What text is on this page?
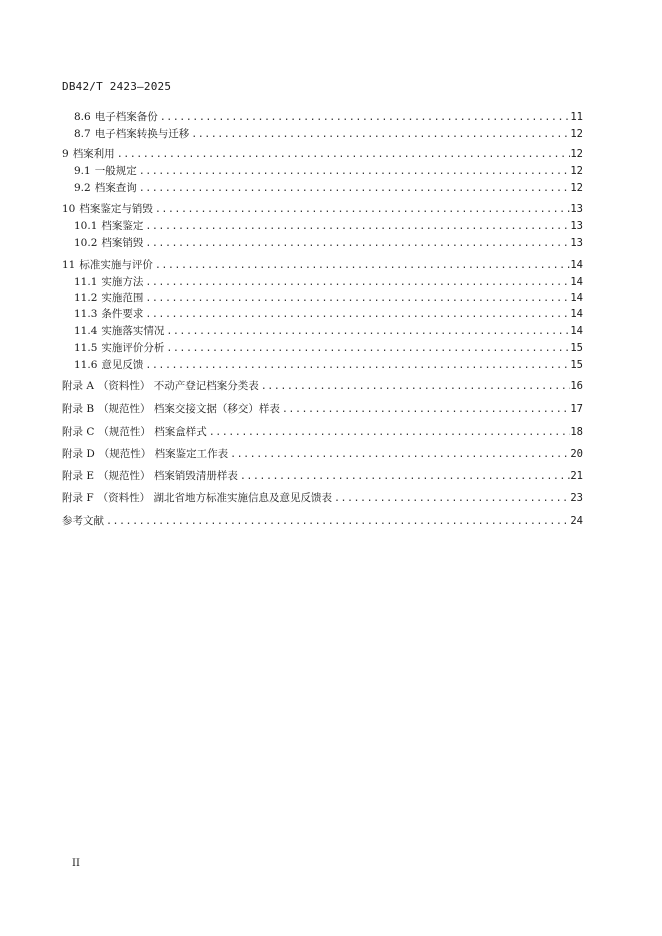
DB42/T 2423—2025
8.6 电子档案备份 .....	11
8.7 电子档案转换与迁移 .....	12
9 档案利用 .....	12
9.1 一般规定 .....	12
9.2 档案查询 .....	12
10 档案鉴定与销毁 .....	13
10.1 档案鉴定 .....	13
10.2 档案销毁 .....	13
11 标准实施与评价 .....	14
11.1 实施方法 .....	14
11.2 实施范围 .....	14
11.3 条件要求 .....	14
11.4 实施落实情况 .....	14
11.5 实施评价分析 .....	15
11.6 意见反馈 .....	15
附录 A （资料性） 不动产登记档案分类表 .....	16
附录 B （规范性） 档案交接文据（移交）样表 .....	17
附录 C （规范性） 档案盒样式 .....	18
附录 D （规范性） 档案鉴定工作表 .....	20
附录 E （规范性） 档案销毁清册样表 .....	21
附录 F （资料性） 湖北省地方标准实施信息及意见反馈表 .....	23
参考文献 .....	24
II
